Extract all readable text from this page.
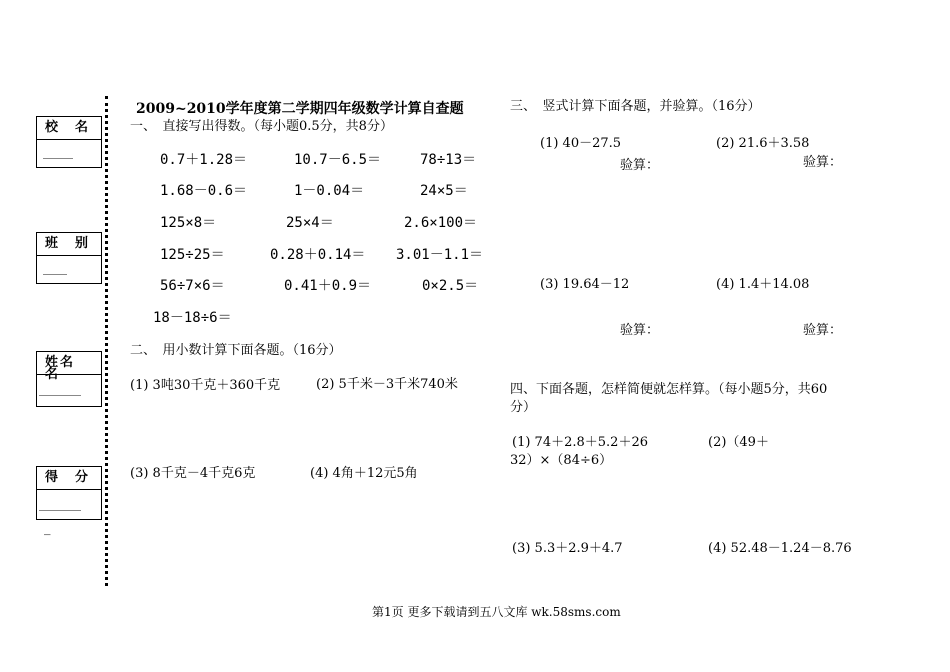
校　名
_____
班　别
____
姓名
名
_______
得　分
_______
_
2009~2010学年度第二学期四年级数学计算自查题
一、　直接写出得数。（每小题0.5分，共8分）
0.7＋1.28＝	10.7－6.5＝	78÷13＝
1.68－0.6＝	1－0.04＝	24×5＝
125×8＝	25×4＝	2.6×100＝
125÷25＝	0.28＋0.14＝ 3.01－1.1＝
56÷7×6＝	0.41＋0.9＝	0×2.5＝
18－18÷6＝
二、　用小数计算下面各题。（16分）
(1) 3吨30千克＋360千克	(2) 5千米－3千米740米
(3) 8千克－4千克6克	(4) 4角＋12元5角
三、　竖式计算下面各题，并验算。（16分）
(1) 40－27.5	(2) 21.6＋3.58
验算：	验算：
(3) 19.64－12	(4) 1.4＋14.08
验算：	验算：
四、下面各题，怎样简便就怎样算。（每小题5分，共60
分）
(1) 74＋2.8＋5.2＋26	(2)（49＋
32）×（84÷6）
(3) 5.3＋2.9＋4.7	(4) 52.48－1.24－8.76
第1页 更多下载请到五八文库 wk.58sms.com
